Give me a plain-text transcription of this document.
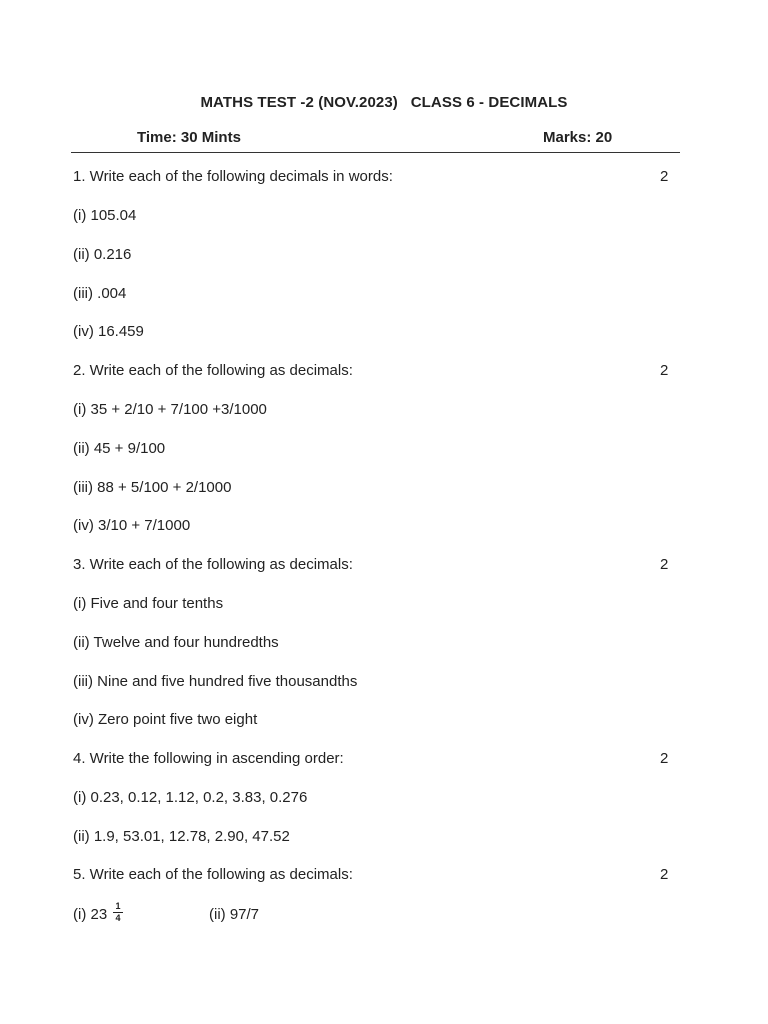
MATHS TEST -2 (NOV.2023) CLASS 6 - DECIMALS
Time: 30 Mints	Marks: 20
1. Write each of the following decimals in words:	2
(i) 105.04
(ii) 0.216
(iii) .004
(iv) 16.459
2. Write each of the following as decimals:	2
(i) 35 + 2/10 + 7/100 +3/1000
(ii) 45 + 9/100
(iii) 88 + 5/100 + 2/1000
(iv) 3/10 + 7/1000
3. Write each of the following as decimals:	2
(i) Five and four tenths
(ii) Twelve and four hundredths
(iii) Nine and five hundred five thousandths
(iv) Zero point five two eight
4. Write the following in ascending order:	2
(i) 0.23, 0.12, 1.12, 0.2, 3.83, 0.276
(ii) 1.9, 53.01, 12.78, 2.90, 47.52
5. Write each of the following as decimals:	2
(i) 23 1
4	(ii) 97/7
